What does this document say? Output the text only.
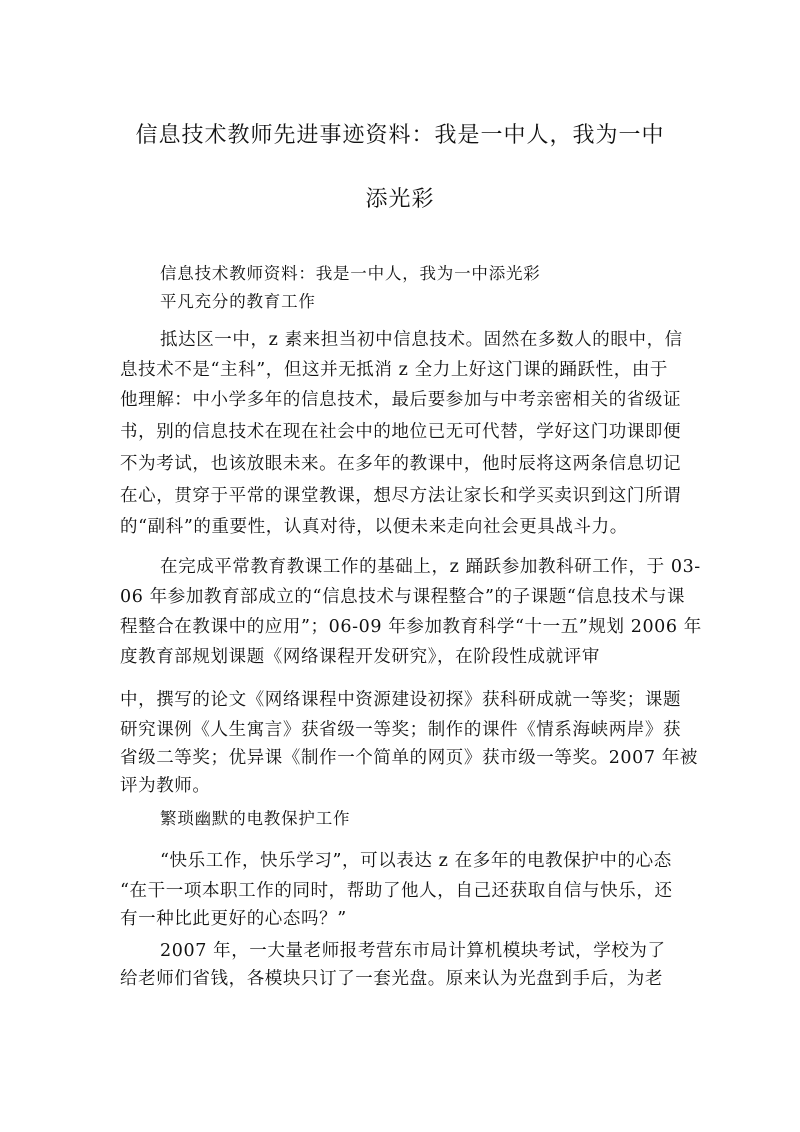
信息技术教师先进事迹资料：我是一中人，我为一中
添光彩
信息技术教师资料：我是一中人，我为一中添光彩
平凡充分的教育工作
抵达区一中，z 素来担当初中信息技术。固然在多数人的眼中，信
息技术不是“主科”，但这并无抵消 z 全力上好这门课的踊跃性，由于
他理解：中小学多年的信息技术，最后要参加与中考亲密相关的省级证
书，别的信息技术在现在社会中的地位已无可代替，学好这门功课即便
不为考试，也该放眼未来。在多年的教课中，他时辰将这两条信息切记
在心，贯穿于平常的课堂教课，想尽方法让家长和学买卖识到这门所谓
的“副科”的重要性，认真对待，以便未来走向社会更具战斗力。
在完成平常教育教课工作的基础上，z 踊跃参加教科研工作，于 03-
06 年参加教育部成立的“信息技术与课程整合”的子课题“信息技术与课
程整合在教课中的应用”；06-09 年参加教育科学“十一五”规划 2006 年
度教育部规划课题《网络课程开发研究》，在阶段性成就评审
中，撰写的论文《网络课程中资源建设初探》获科研成就一等奖；课题
研究课例《人生寓言》获省级一等奖；制作的课件《情系海峡两岸》获
省级二等奖；优异课《制作一个简单的网页》获市级一等奖。2007 年被
评为教师。
繁琐幽默的电教保护工作
“快乐工作，快乐学习”，可以表达 z 在多年的电教保护中的心态
“在干一项本职工作的同时，帮助了他人，自己还获取自信与快乐，还
有一种比此更好的心态吗？”
2007 年，一大量老师报考营东市局计算机模块考试，学校为了
给老师们省钱，各模块只订了一套光盘。原来认为光盘到手后，为老
